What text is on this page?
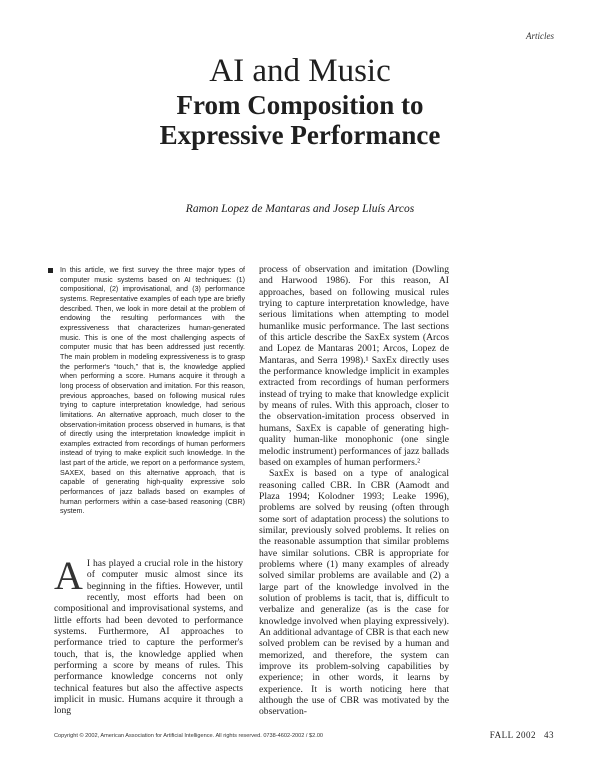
Articles
AI and Music
From Composition to
Expressive Performance
Ramon Lopez de Mantaras and Josep Lluís Arcos
In this article, we first survey the three major types of computer music systems based on AI techniques: (1) compositional, (2) improvisational, and (3) performance systems. Representative examples of each type are briefly described. Then, we look in more detail at the problem of endowing the resulting performances with the expressiveness that characterizes human-generated music. This is one of the most challenging aspects of computer music that has been addressed just recently. The main problem in modeling expressiveness is to grasp the performer's “touch,” that is, the knowledge applied when performing a score. Humans acquire it through a long process of observation and imitation. For this reason, previous approaches, based on following musical rules trying to capture interpretation knowledge, had serious limitations. An alternative approach, much closer to the observation-imitation process observed in humans, is that of directly using the interpretation knowledge implicit in examples extracted from recordings of human performers instead of trying to make explicit such knowledge. In the last part of the article, we report on a performance system, SAXEX, based on this alternative approach, that is capable of generating high-quality expressive solo performances of jazz ballads based on examples of human performers within a case-based reasoning (CBR) system.
A I has played a crucial role in the history of computer music almost since its beginning in the fifties. However, until recently, most efforts had been on compositional and improvisational systems, and little efforts had been devoted to performance systems. Furthermore, AI approaches to performance tried to capture the performer's touch, that is, the knowledge applied when performing a score by means of rules. This performance knowledge concerns not only technical features but also the affective aspects implicit in music. Humans acquire it through a long

process of observation and imitation (Dowling and Harwood 1986). For this reason, AI approaches, based on following musical rules trying to capture interpretation knowledge, have serious limitations when attempting to model humanlike music performance. The last sections of this article describe the SaxEx system (Arcos and Lopez de Mantaras 2001; Arcos, Lopez de Mantaras, and Serra 1998).¹ SaxEx directly uses the performance knowledge implicit in examples extracted from recordings of human performers instead of trying to make that knowledge explicit by means of rules. With this approach, closer to the observation-imitation process observed in humans, SaxEx is capable of generating high-quality human-like monophonic (one single melodic instrument) performances of jazz ballads based on examples of human performers.²

SaxEx is based on a type of analogical reasoning called CBR. In CBR (Aamodt and Plaza 1994; Kolodner 1993; Leake 1996), problems are solved by reusing (often through some sort of adaptation process) the solutions to similar, previously solved problems. It relies on the reasonable assumption that similar problems have similar solutions. CBR is appropriate for problems where (1) many examples of already solved similar problems are available and (2) a large part of the knowledge involved in the solution of problems is tacit, that is, difficult to verbalize and generalize (as is the case for knowledge involved when playing expressively). An additional advantage of CBR is that each new solved problem can be revised by a human and memorized, and therefore, the system can improve its problem-solving capabilities by experience; in other words, it learns by experience. It is worth noticing here that although the use of CBR was motivated by the observation-

Copyright © 2002, American Association for Artificial Intelligence. All rights reserved. 0738-4602-2002 / $2.00	FALL 2002 43
